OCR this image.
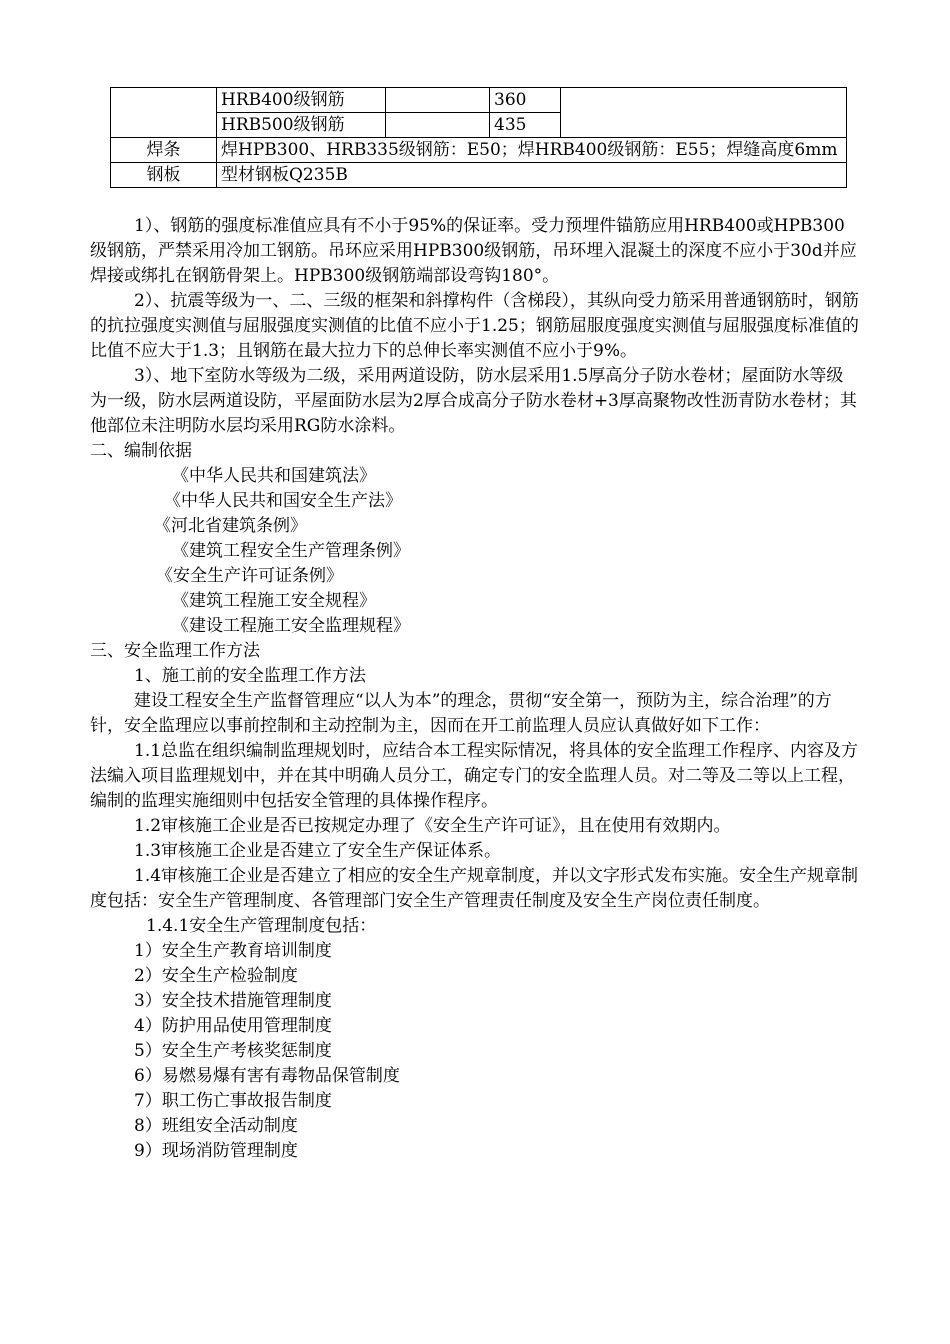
	HRB400级钢筋		360	
	HRB500级钢筋		435	
焊条	焊HPB300、HRB335级钢筋：E50；焊HRB400级钢筋：E55；焊缝高度6mm			
钢板	型材钢板Q235B			

1）、钢筋的强度标准值应具有不小于95%的保证率。受力预埋件锚筋应用HRB400或HPB300级钢筋，严禁采用冷加工钢筋。吊环应采用HPB300级钢筋，吊环埋入混凝土的深度不应小于30d并应焊接或绑扎在钢筋骨架上。HPB300级钢筋端部设弯钩180°。

2）、抗震等级为一、二、三级的框架和斜撑构件（含梯段），其纵向受力筋采用普通钢筋时，钢筋的抗拉强度实测值与屈服强度实测值的比值不应小于1.25；钢筋屈服度强度实测值与屈服强度标准值的比值不应大于1.3；且钢筋在最大拉力下的总伸长率实测值不应小于9%。

3）、地下室防水等级为二级，采用两道设防，防水层采用1.5厚高分子防水卷材；屋面防水等级为一级，防水层两道设防，平屋面防水层为2厚合成高分子防水卷材+3厚高聚物改性沥青防水卷材；其他部位未注明防水层均采用RG防水涂料。

二、编制依据

《中华人民共和国建筑法》

《中华人民共和国安全生产法》

《河北省建筑条例》

《建筑工程安全生产管理条例》

《安全生产许可证条例》

《建筑工程施工安全规程》

《建设工程施工安全监理规程》

三、安全监理工作方法

1、施工前的安全监理工作方法

建设工程安全生产监督管理应“以人为本”的理念，贯彻“安全第一，预防为主，综合治理”的方针，安全监理应以事前控制和主动控制为主，因而在开工前监理人员应认真做好如下工作：

1.1总监在组织编制监理规划时，应结合本工程实际情况，将具体的安全监理工作程序、内容及方法编入项目监理规划中，并在其中明确人员分工，确定专门的安全监理人员。对二等及二等以上工程，编制的监理实施细则中包括安全管理的具体操作程序。

1.2审核施工企业是否已按规定办理了《安全生产许可证》，且在使用有效期内。

1.3审核施工企业是否建立了安全生产保证体系。

1.4审核施工企业是否建立了相应的安全生产规章制度，并以文字形式发布实施。安全生产规章制度包括：安全生产管理制度、各管理部门安全生产管理责任制度及安全生产岗位责任制度。

1.4.1安全生产管理制度包括：

1）安全生产教育培训制度

2）安全生产检验制度

3）安全技术措施管理制度

4）防护用品使用管理制度

5）安全生产考核奖惩制度

6）易燃易爆有害有毒物品保管制度

7）职工伤亡事故报告制度

8）班组安全活动制度

9）现场消防管理制度
